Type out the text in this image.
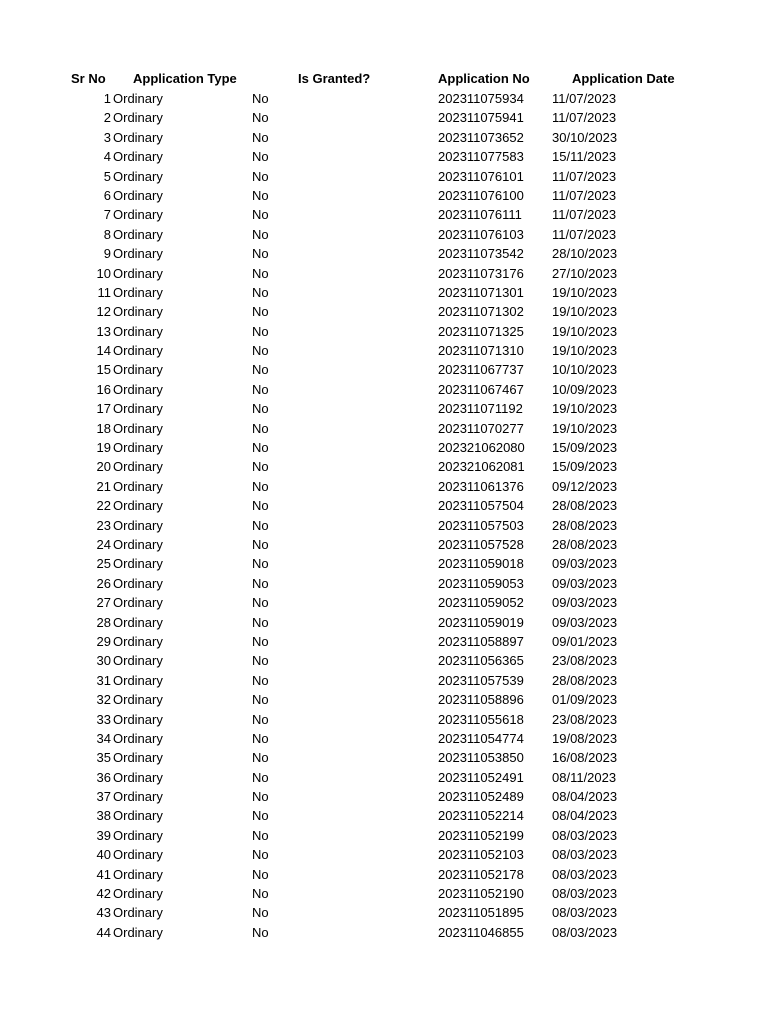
Sr No Application Type	Is Granted?	Application No	Application Date
1 Ordinary	No	202311075934 11/07/2023
2 Ordinary	No	202311075941 11/07/2023
3 Ordinary	No	202311073652 30/10/2023
4 Ordinary	No	202311077583 15/11/2023
5 Ordinary	No	202311076101 11/07/2023
6 Ordinary	No	202311076100 11/07/2023
7 Ordinary	No	202311076111 11/07/2023
8 Ordinary	No	202311076103 11/07/2023
9 Ordinary	No	202311073542 28/10/2023
10 Ordinary	No	202311073176 27/10/2023
11 Ordinary	No	202311071301 19/10/2023
12 Ordinary	No	202311071302 19/10/2023
13 Ordinary	No	202311071325 19/10/2023
14 Ordinary	No	202311071310 19/10/2023
15 Ordinary	No	202311067737 10/10/2023
16 Ordinary	No	202311067467 10/09/2023
17 Ordinary	No	202311071192 19/10/2023
18 Ordinary	No	202311070277 19/10/2023
19 Ordinary	No	202321062080 15/09/2023
20 Ordinary	No	202321062081 15/09/2023
21 Ordinary	No	202311061376 09/12/2023
22 Ordinary	No	202311057504 28/08/2023
23 Ordinary	No	202311057503 28/08/2023
24 Ordinary	No	202311057528 28/08/2023
25 Ordinary	No	202311059018 09/03/2023
26 Ordinary	No	202311059053 09/03/2023
27 Ordinary	No	202311059052 09/03/2023
28 Ordinary	No	202311059019 09/03/2023
29 Ordinary	No	202311058897 09/01/2023
30 Ordinary	No	202311056365 23/08/2023
31 Ordinary	No	202311057539 28/08/2023
32 Ordinary	No	202311058896 01/09/2023
33 Ordinary	No	202311055618 23/08/2023
34 Ordinary	No	202311054774 19/08/2023
35 Ordinary	No	202311053850 16/08/2023
36 Ordinary	No	202311052491 08/11/2023
37 Ordinary	No	202311052489 08/04/2023
38 Ordinary	No	202311052214 08/04/2023
39 Ordinary	No	202311052199 08/03/2023
40 Ordinary	No	202311052103 08/03/2023
41 Ordinary	No	202311052178 08/03/2023
42 Ordinary	No	202311052190 08/03/2023
43 Ordinary	No	202311051895 08/03/2023
44 Ordinary	No	202311046855 08/03/2023
